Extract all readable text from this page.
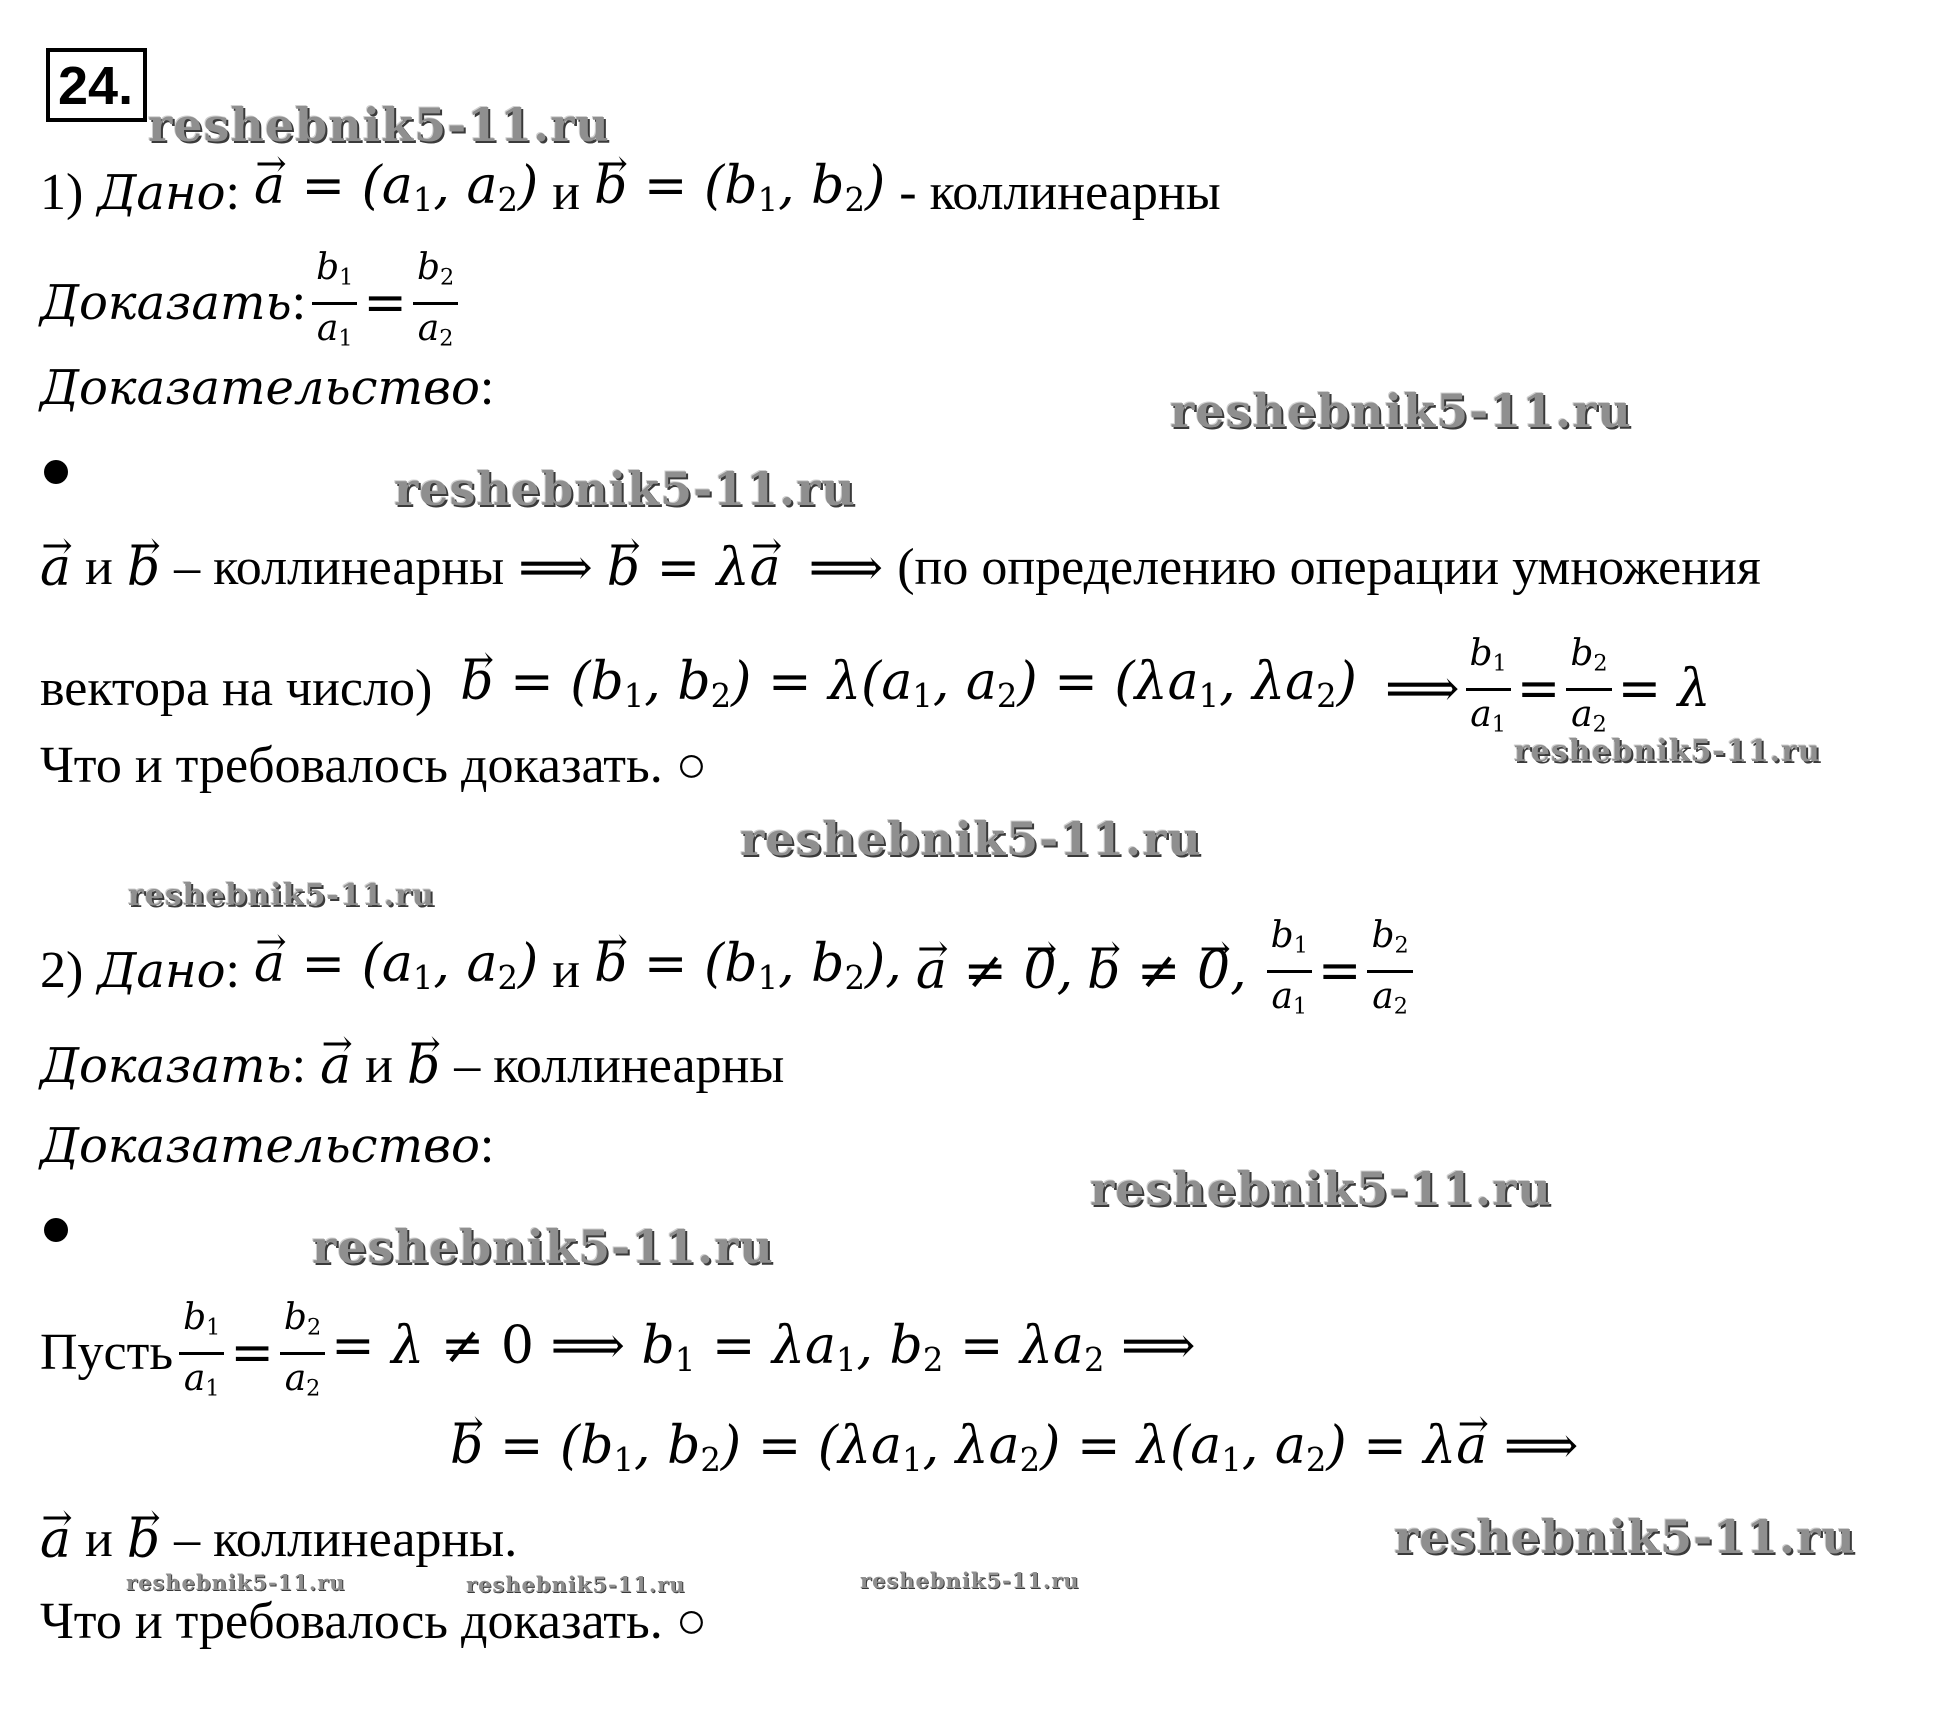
24.
1) Дано :
→ $a = (a_1$, $a_2$) и
→ $b = (b_1$, $b_2$) - коллинеарны
Доказать : $\frac{b_1}{a_1} = \frac{b_2}{a_2}$
Доказательство :
→ a и
→ b – коллинеарны ⟹
→ b = λ→ a ⟹ (по определению операции умножения
вектора на число)
→ $b = (b_1$, $b_2) = \lambda(a_1$, $a_2) = (\lambda a_1$, $\lambda a_2$) ⟹ $\frac{b_1}{a_1} = \frac{b_2}{a_2} = \lambda$
Что и требовалось доказать. ○
2) Дано :
→ $a = (a_1$, $a_2$) и
→ $b = (b_1$, $b_2$),
→ a ≠ → 0,
→ b ≠ → 0, $\frac{b_1}{a_1} = \frac{b_2}{a_2}$
Доказать :
→ a и
→ b – коллинеарны
Доказательство :
Пусть $\frac{b_1}{a_1} = \frac{b_2}{a_2} = \lambda \ne 0$ ⟹ $b_1 = \lambda a_1$, $b_2 = \lambda a_2$ ⟹
→ $b = (b_1$, $b_2) = (\lambda a_1$, $\lambda a_2) = \lambda(a_1$, $a_2) = \lambda\to a$ ⟹
→ a и
→ b – коллинеарны.
Что и требовалось доказать. ○
reshebnik5-11.ru
reshebnik5-11.ru
reshebnik5-11.ru
reshebnik5-11.ru
reshebnik5-11.ru
reshebnik5-11.ru
reshebnik5-11.ru
reshebnik5-11.ru
reshebnik5-11.ru
reshebnik5-11.ru	reshebnik5-11.ru	reshebnik5-11.ru
